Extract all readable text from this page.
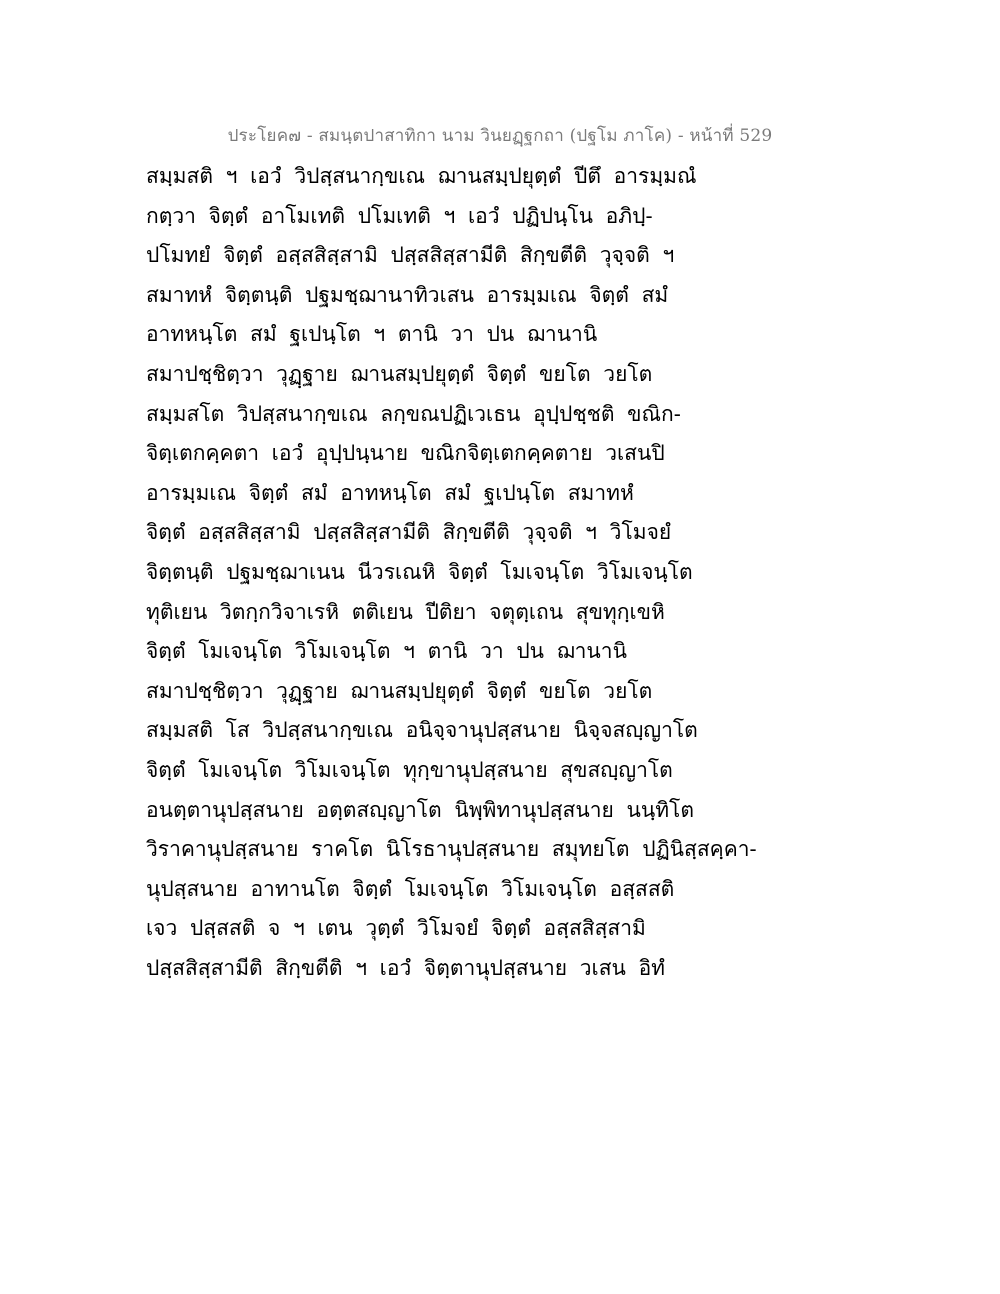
ประโยค๗ - สมนฺตปาสาทิกา นาม วินยฏฺฐกถา (ปฐโม ภาโค) - หน้าที่ 529
สมฺมสติ ฯ เอวํ วิปสฺสนากฺขเณ ฌานสมฺปยุตฺตํ ปีตึ อารมฺมณํ
กตฺวา จิตฺตํ อาโมเทติ ปโมเทติ ฯ เอวํ ปฏิปนฺโน อภิปฺ-
ปโมทยํ จิตฺตํ อสฺสสิสฺสามิ ปสฺสสิสฺสามีติ สิกฺขตีติ วุจฺจติ ฯ
สมาทหํ จิตฺตนฺติ ปฐมชฺฌานาทิวเสน อารมฺมเณ จิตฺตํ สมํ
อาทหนฺโต สมํ ฐเปนฺโต ฯ ตานิ วา ปน ฌานานิ
สมาปชฺชิตฺวา วุฏฺฐาย ฌานสมฺปยุตฺตํ จิตฺตํ ขยโต วยโต
สมฺมสโต วิปสฺสนากฺขเณ ลกฺขณปฏิเวเธน อุปฺปชฺชติ ขณิก-
จิตฺเตกคฺคตา เอวํ อุปฺปนฺนาย ขณิกจิตฺเตกคฺคตาย วเสนปิ
อารมฺมเณ จิตฺตํ สมํ อาทหนฺโต สมํ ฐเปนฺโต สมาทหํ
จิตฺตํ อสฺสสิสฺสามิ ปสฺสสิสฺสามีติ สิกฺขตีติ วุจฺจติ ฯ วิโมจยํ
จิตฺตนฺติ ปฐมชฺฌาเนน นีวรเณหิ จิตฺตํ โมเจนฺโต วิโมเจนฺโต
ทุติเยน วิตกฺกวิจาเรหิ ตติเยน ปีติยา จตุตฺเถน สุขทุกฺเขหิ
จิตฺตํ โมเจนฺโต วิโมเจนฺโต ฯ ตานิ วา ปน ฌานานิ
สมาปชฺชิตฺวา วุฏฺฐาย ฌานสมฺปยุตฺตํ จิตฺตํ ขยโต วยโต
สมฺมสติ โส วิปสฺสนากฺขเณ อนิจฺจานุปสฺสนาย นิจฺจสญฺญาโต
จิตฺตํ โมเจนฺโต วิโมเจนฺโต ทุกฺขานุปสฺสนาย สุขสญฺญาโต
อนตฺตานุปสฺสนาย อตฺตสญฺญาโต นิพฺพิทานุปสฺสนาย นนฺทิโต
วิราคานุปสฺสนาย ราคโต นิโรธานุปสฺสนาย สมุทยโต ปฏินิสฺสคฺคา-
นุปสฺสนาย อาทานโต จิตฺตํ โมเจนฺโต วิโมเจนฺโต อสฺสสติ
เจว ปสฺสสติ จ ฯ เตน วุตฺตํ วิโมจยํ จิตฺตํ อสฺสสิสฺสามิ
ปสฺสสิสฺสามีติ สิกฺขตีติ ฯ เอวํ จิตฺตานุปสฺสนาย วเสน อิทํ
